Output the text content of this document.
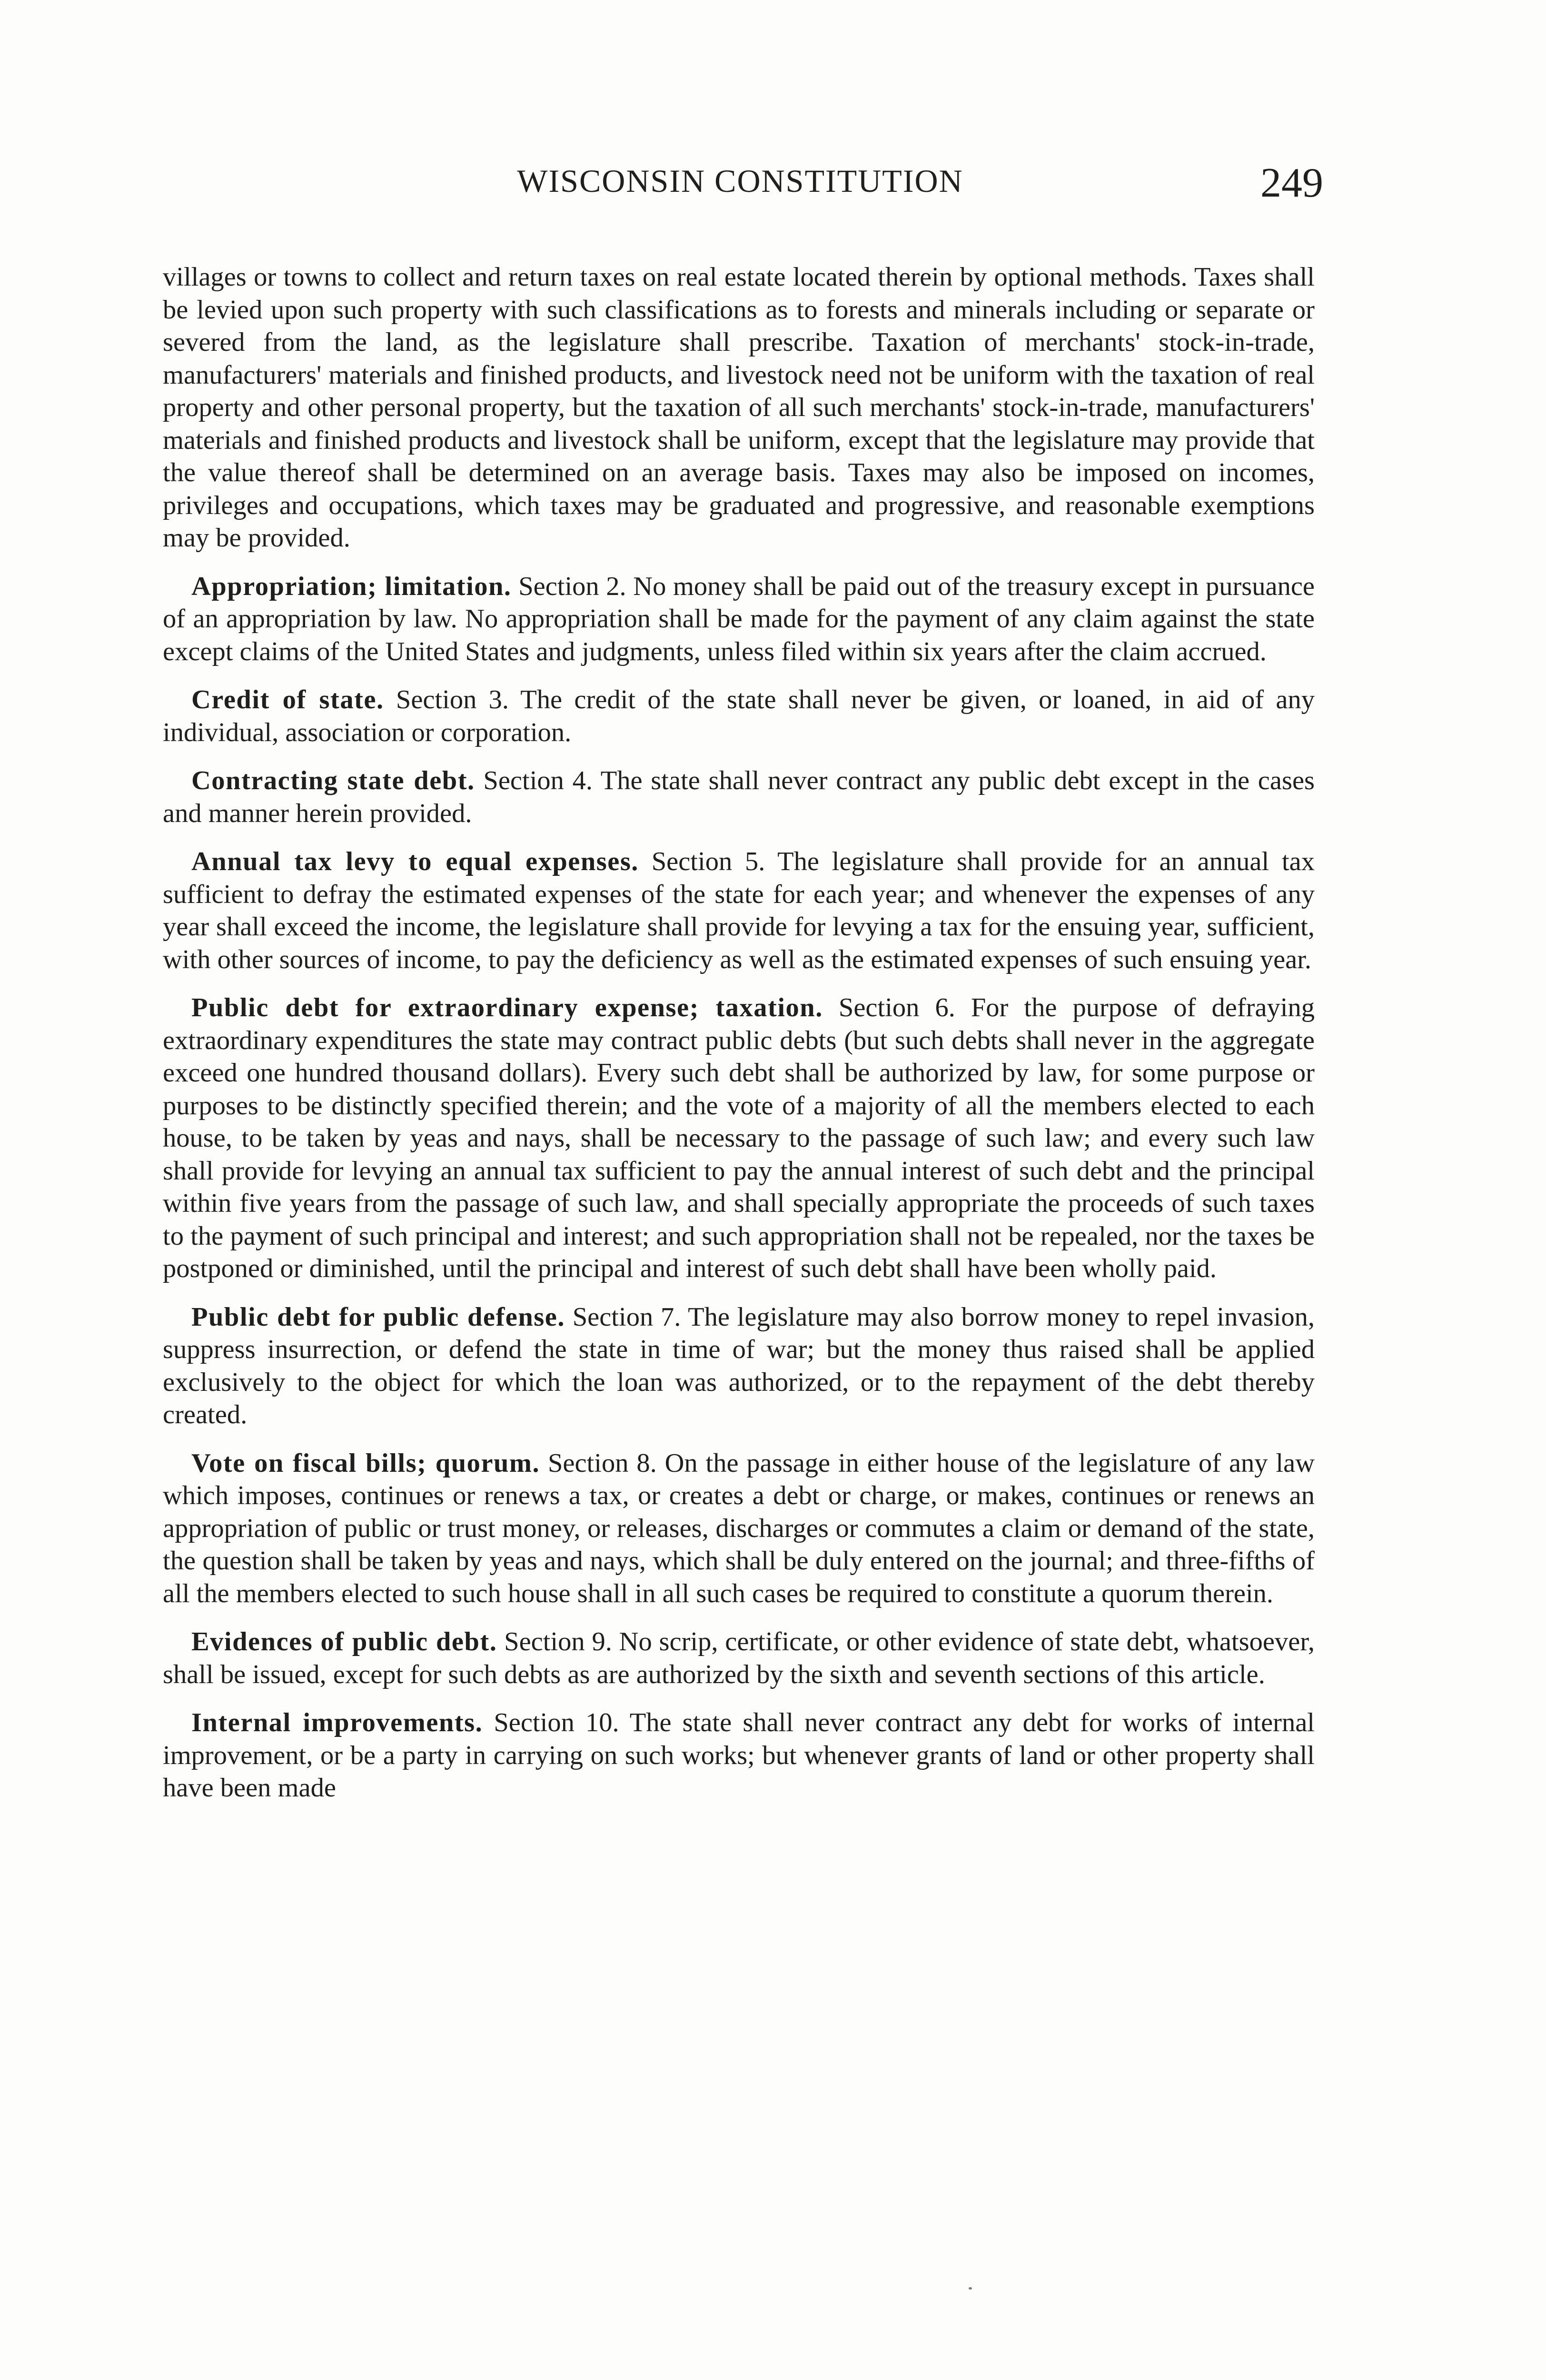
WISCONSIN CONSTITUTION	249

villages or towns to collect and return taxes on real estate located therein by optional methods. Taxes shall be levied upon such property with such classifications as to forests and minerals including or separate or severed from the land, as the legislature shall prescribe. Taxation of merchants' stock-in-trade, manufacturers' materials and finished products, and livestock need not be uniform with the taxation of real property and other personal property, but the taxation of all such merchants' stock-in-trade, manufacturers' materials and finished products and livestock shall be uniform, except that the legislature may provide that the value thereof shall be determined on an average basis. Taxes may also be imposed on incomes, privileges and occupations, which taxes may be graduated and progressive, and reasonable exemptions may be provided.

Appropriation; limitation. Section 2. No money shall be paid out of the treasury except in pursuance of an appropriation by law. No appropriation shall be made for the payment of any claim against the state except claims of the United States and judgments, unless filed within six years after the claim accrued.

Credit of state. Section 3. The credit of the state shall never be given, or loaned, in aid of any individual, association or corporation.

Contracting state debt. Section 4. The state shall never contract any public debt except in the cases and manner herein provided.

Annual tax levy to equal expenses. Section 5. The legislature shall provide for an annual tax sufficient to defray the estimated expenses of the state for each year; and whenever the expenses of any year shall exceed the income, the legislature shall provide for levying a tax for the ensuing year, sufficient, with other sources of income, to pay the deficiency as well as the estimated expenses of such ensuing year.

Public debt for extraordinary expense; taxation. Section 6. For the purpose of defraying extraordinary expenditures the state may contract public debts (but such debts shall never in the aggregate exceed one hundred thousand dollars). Every such debt shall be authorized by law, for some purpose or purposes to be distinctly specified therein; and the vote of a majority of all the members elected to each house, to be taken by yeas and nays, shall be necessary to the passage of such law; and every such law shall provide for levying an annual tax sufficient to pay the annual interest of such debt and the principal within five years from the passage of such law, and shall specially appropriate the proceeds of such taxes to the payment of such principal and interest; and such appropriation shall not be repealed, nor the taxes be postponed or diminished, until the principal and interest of such debt shall have been wholly paid.

Public debt for public defense. Section 7. The legislature may also borrow money to repel invasion, suppress insurrection, or defend the state in time of war; but the money thus raised shall be applied exclusively to the object for which the loan was authorized, or to the repayment of the debt thereby created.

Vote on fiscal bills; quorum. Section 8. On the passage in either house of the legislature of any law which imposes, continues or renews a tax, or creates a debt or charge, or makes, continues or renews an appropriation of public or trust money, or releases, discharges or commutes a claim or demand of the state, the question shall be taken by yeas and nays, which shall be duly entered on the journal; and three-fifths of all the members elected to such house shall in all such cases be required to constitute a quorum therein.

Evidences of public debt. Section 9. No scrip, certificate, or other evidence of state debt, whatsoever, shall be issued, except for such debts as are authorized by the sixth and seventh sections of this article.

Internal improvements. Section 10. The state shall never contract any debt for works of internal improvement, or be a party in carrying on such works; but whenever grants of land or other property shall have been made
